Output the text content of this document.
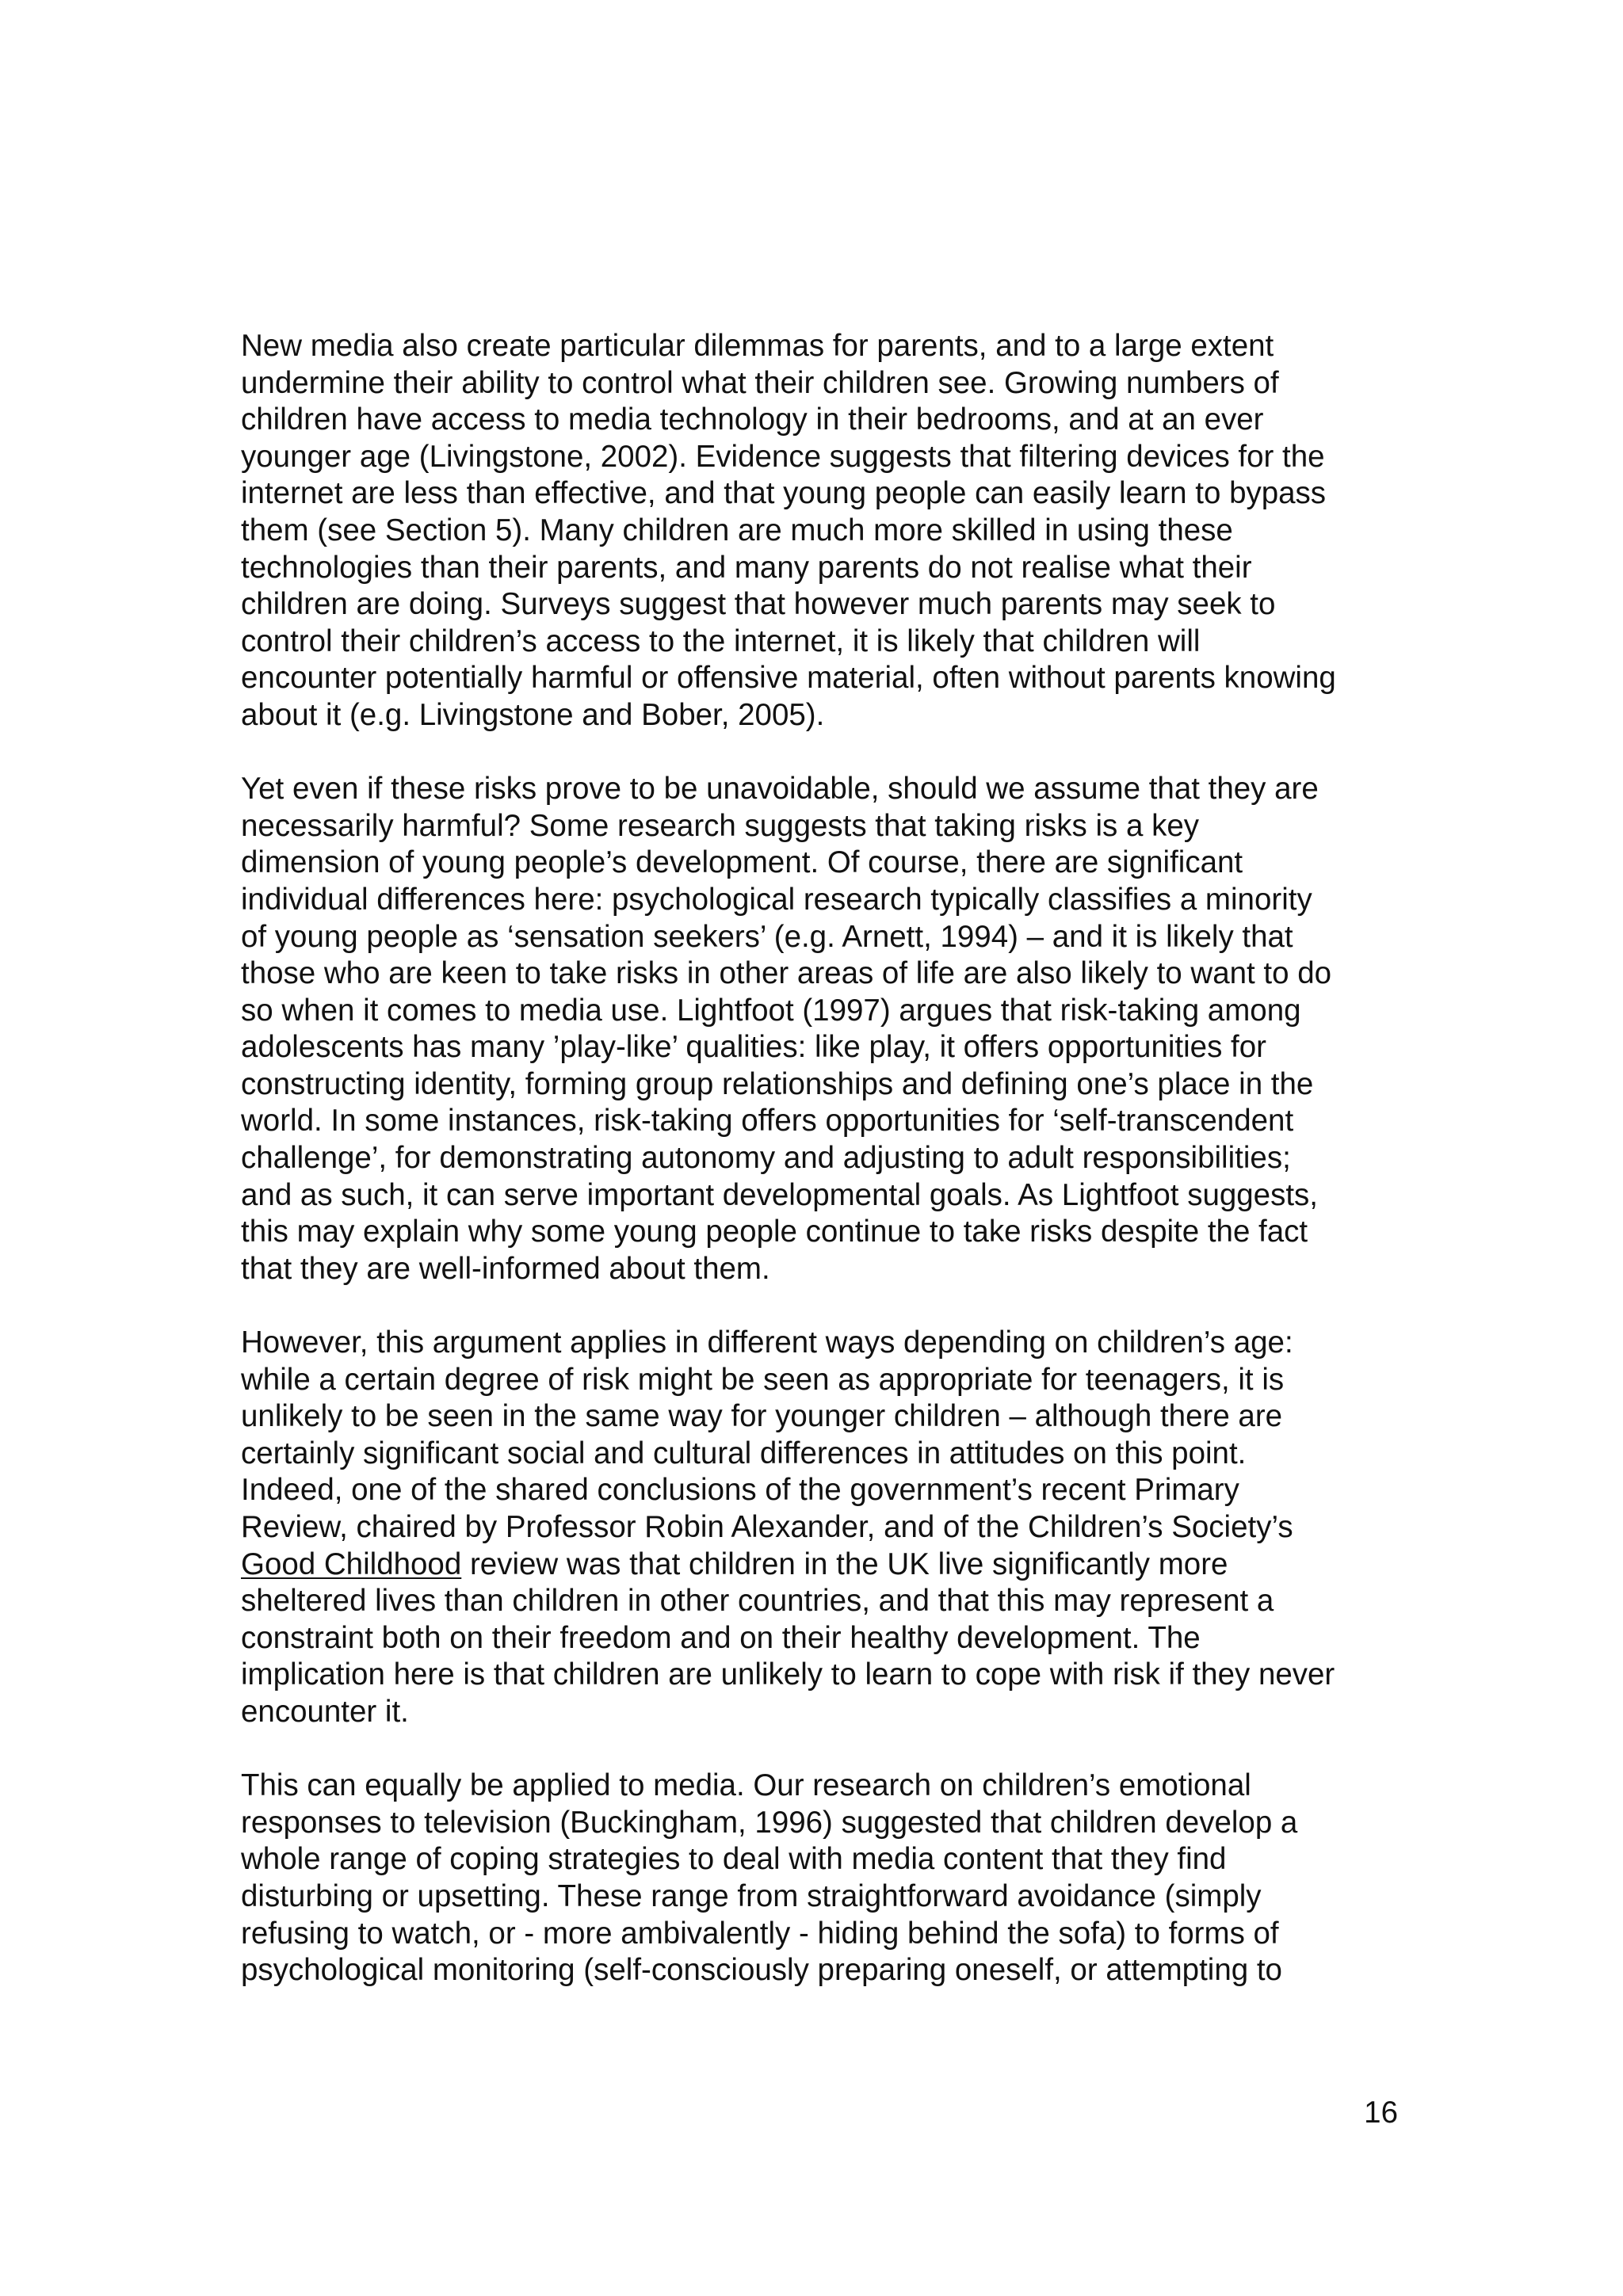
New media also create particular dilemmas for parents, and to a large extent
undermine their ability to control what their children see. Growing numbers of
children have access to media technology in their bedrooms, and at an ever
younger age (Livingstone, 2002). Evidence suggests that filtering devices for the
internet are less than effective, and that young people can easily learn to bypass
them (see Section 5). Many children are much more skilled in using these
technologies than their parents, and many parents do not realise what their
children are doing. Surveys suggest that however much parents may seek to
control their children’s access to the internet, it is likely that children will
encounter potentially harmful or offensive material, often without parents knowing
about it (e.g. Livingstone and Bober, 2005).

Yet even if these risks prove to be unavoidable, should we assume that they are
necessarily harmful? Some research suggests that taking risks is a key
dimension of young people’s development. Of course, there are significant
individual differences here: psychological research typically classifies a minority
of young people as ‘sensation seekers’ (e.g. Arnett, 1994) – and it is likely that
those who are keen to take risks in other areas of life are also likely to want to do
so when it comes to media use. Lightfoot (1997) argues that risk-taking among
adolescents has many ’play-like’ qualities: like play, it offers opportunities for
constructing identity, forming group relationships and defining one’s place in the
world. In some instances, risk-taking offers opportunities for ‘self-transcendent
challenge’, for demonstrating autonomy and adjusting to adult responsibilities;
and as such, it can serve important developmental goals. As Lightfoot suggests,
this may explain why some young people continue to take risks despite the fact
that they are well-informed about them.

However, this argument applies in different ways depending on children’s age:
while a certain degree of risk might be seen as appropriate for teenagers, it is
unlikely to be seen in the same way for younger children – although there are
certainly significant social and cultural differences in attitudes on this point.
Indeed, one of the shared conclusions of the government’s recent Primary
Review, chaired by Professor Robin Alexander, and of the Children’s Society’s
Good Childhood review was that children in the UK live significantly more
sheltered lives than children in other countries, and that this may represent a
constraint both on their freedom and on their healthy development. The
implication here is that children are unlikely to learn to cope with risk if they never
encounter it.

This can equally be applied to media. Our research on children’s emotional
responses to television (Buckingham, 1996) suggested that children develop a
whole range of coping strategies to deal with media content that they find
disturbing or upsetting. These range from straightforward avoidance (simply
refusing to watch, or - more ambivalently - hiding behind the sofa) to forms of
psychological monitoring (self-consciously preparing oneself, or attempting to

16
